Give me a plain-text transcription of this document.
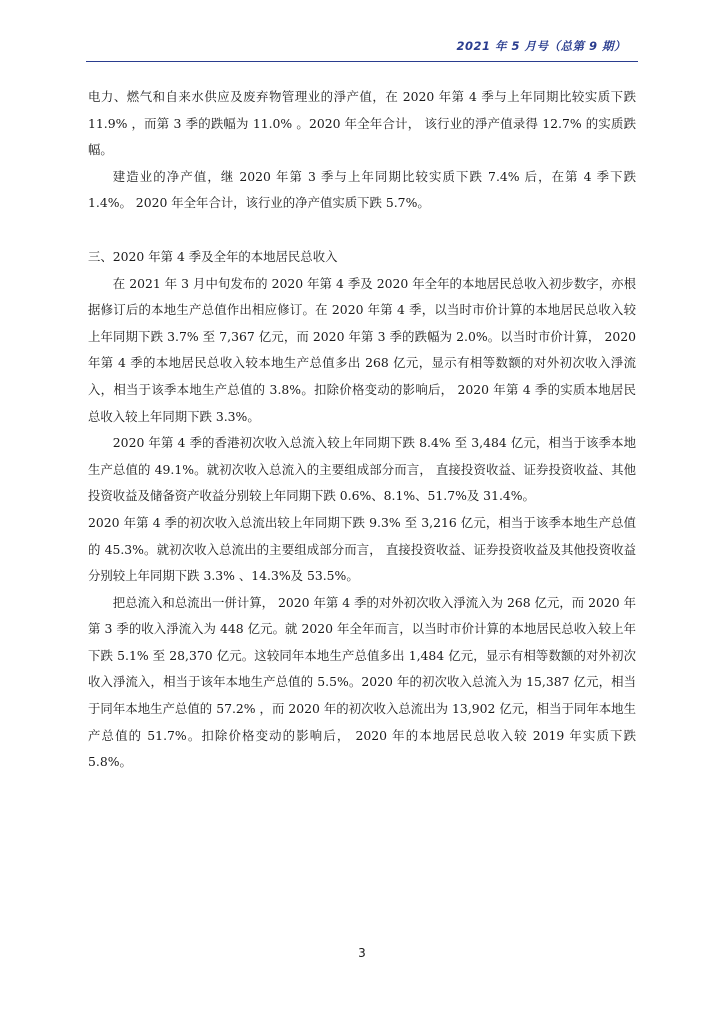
2021 年 5 月号（总第 9 期）

电力、燃气和自来水供应及废弃物管理业的淨产值，在 2020 年第 4 季与上年同期比较实质下跌 11.9% ，而第 3 季的跌幅为 11.0% 。2020 年全年合计， 该行业的淨产值录得 12.7% 的实质跌幅。

建造业的净产值，继 2020 年第 3 季与上年同期比较实质下跌 7.4% 后，在第 4 季下跌 1.4%。 2020 年全年合计，该行业的净产值实质下跌 5.7%。

三、2020 年第 4 季及全年的本地居民总收入

在 2021 年 3 月中旬发布的 2020 年第 4 季及 2020 年全年的本地居民总收入初步数字，亦根据修订后的本地生产总值作出相应修订。在 2020 年第 4 季，以当时市价计算的本地居民总收入较上年同期下跌 3.7% 至 7,367 亿元，而 2020 年第 3 季的跌幅为 2.0%。以当时市价计算， 2020 年第 4 季的本地居民总收入较本地生产总值多出 268 亿元，显示有相等数额的对外初次收入淨流入，相当于该季本地生产总值的 3.8%。扣除价格变动的影响后， 2020 年第 4 季的实质本地居民总收入较上年同期下跌 3.3%。

2020 年第 4 季的香港初次收入总流入较上年同期下跌 8.4% 至 3,484 亿元，相当于该季本地生产总值的 49.1%。就初次收入总流入的主要组成部分而言， 直接投资收益、证券投资收益、其他投资收益及储备资产收益分别较上年同期下跌 0.6%、8.1%、51.7%及 31.4%。

2020 年第 4 季的初次收入总流出较上年同期下跌 9.3% 至 3,216 亿元，相当于该季本地生产总值的 45.3%。就初次收入总流出的主要组成部分而言， 直接投资收益、证券投资收益及其他投资收益分别较上年同期下跌 3.3% 、14.3%及 53.5%。

把总流入和总流出一併计算， 2020 年第 4 季的对外初次收入淨流入为 268 亿元，而 2020 年第 3 季的收入淨流入为 448 亿元。就 2020 年全年而言，以当时市价计算的本地居民总收入较上年下跌 5.1% 至 28,370 亿元。这较同年本地生产总值多出 1,484 亿元，显示有相等数额的对外初次收入淨流入，相当于该年本地生产总值的 5.5%。2020 年的初次收入总流入为 15,387 亿元，相当于同年本地生产总值的 57.2% ，而 2020 年的初次收入总流出为 13,902 亿元，相当于同年本地生产总值的 51.7%。扣除价格变动的影响后， 2020 年的本地居民总收入较 2019 年实质下跌 5.8%。

3
